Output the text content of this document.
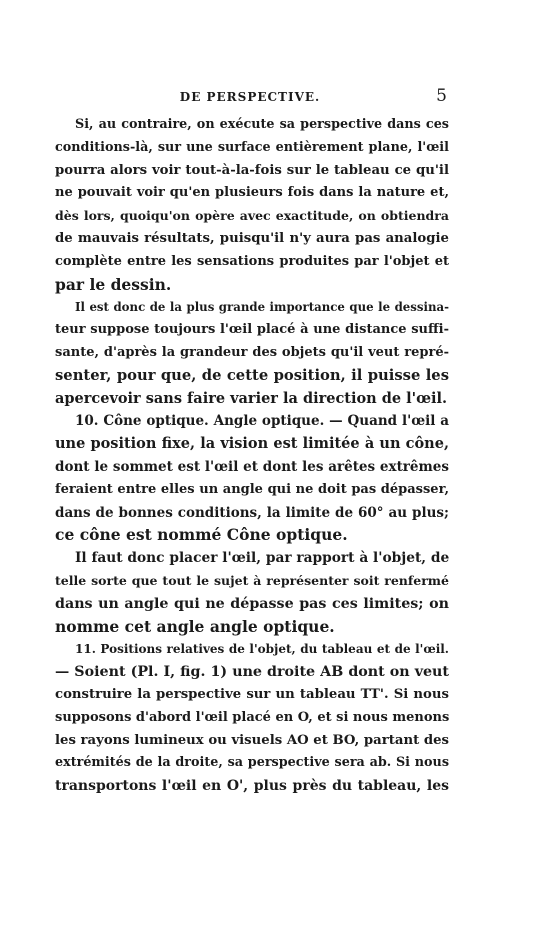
DE PERSPECTIVE.	5
Si, au contraire, on exécute sa perspective dans ces
conditions-là, sur une surface entièrement plane, l'œil
pourra alors voir tout-à-la-fois sur le tableau ce qu'il
ne pouvait voir qu'en plusieurs fois dans la nature et,
dès lors, quoiqu'on opère avec exactitude, on obtiendra
de mauvais résultats, puisqu'il n'y aura pas analogie
complète entre les sensations produites par l'objet et
par le dessin.
Il est donc de la plus grande importance que le dessina-
teur suppose toujours l'œil placé à une distance suffi-
sante, d'après la grandeur des objets qu'il veut repré-
senter, pour que, de cette position, il puisse les
apercevoir sans faire varier la direction de l'œil.
10. Cône optique. Angle optique. — Quand l'œil a
une position fixe, la vision est limitée à un cône,
dont le sommet est l'œil et dont les arêtes extrêmes
feraient entre elles un angle qui ne doit pas dépasser,
dans de bonnes conditions, la limite de 60° au plus;
ce cône est nommé Cône optique.
Il faut donc placer l'œil, par rapport à l'objet, de
telle sorte que tout le sujet à représenter soit renfermé
dans un angle qui ne dépasse pas ces limites; on
nomme cet angle angle optique.
11. Positions relatives de l'objet, du tableau et de l'œil.
— Soient (Pl. I, fig. 1) une droite AB dont on veut
construire la perspective sur un tableau TT'. Si nous
supposons d'abord l'œil placé en O, et si nous menons
les rayons lumineux ou visuels AO et BO, partant des
extrémités de la droite, sa perspective sera ab. Si nous
transportons l'œil en O', plus près du tableau, les
